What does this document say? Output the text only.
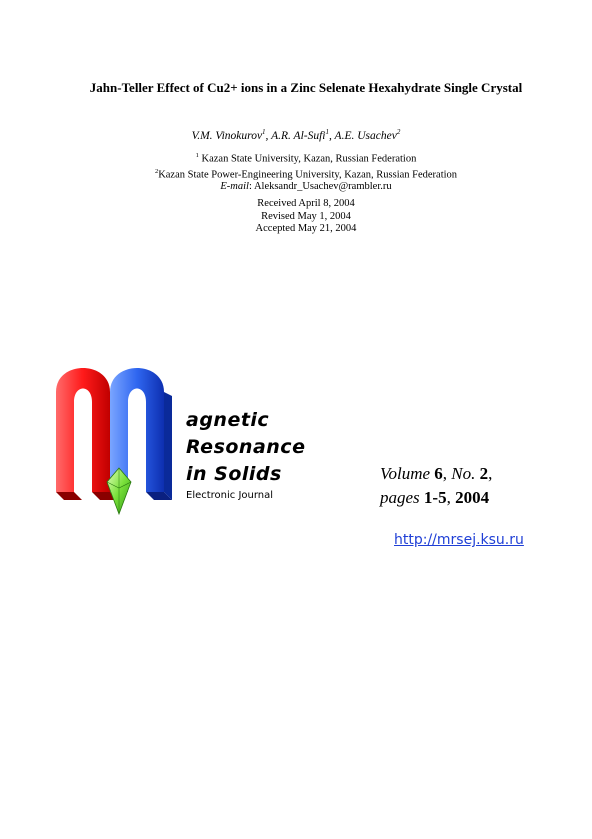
Jahn-Teller Effect of Cu2+ ions in a Zinc Selenate Hexahydrate Single Crystal
V.M. Vinokurov$^1$, A.R. Al-Sufi$^1$, A.E. Usachev$^2$
$^1$ Kazan State University, Kazan, Russian Federation
$^2$Kazan State Power-Engineering University, Kazan, Russian Federation
E-mail: Aleksandr_Usachev@rambler.ru
Received April 8, 2004
Revised May 1, 2004
Accepted May 21, 2004
agnetic
Resonance
in Solids
Electronic Journal
Volume 6, No. 2,
pages 1-5, 2004
http://mrsej.ksu.ru
